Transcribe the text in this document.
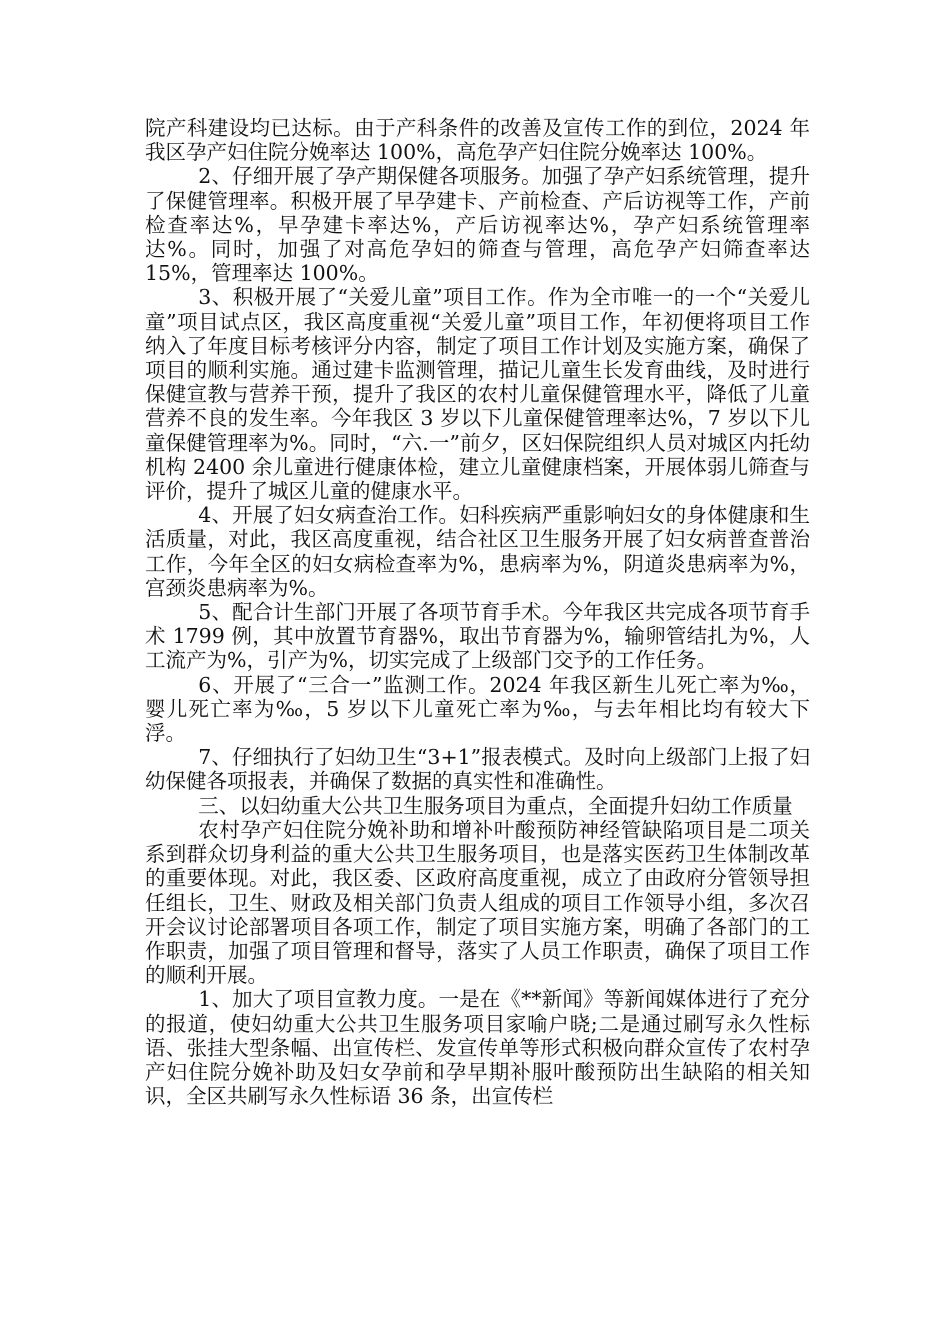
院产科建设均已达标。由于产科条件的改善及宣传工作的到位，2024 年我区孕产妇住院分娩率达 100%，高危孕产妇住院分娩率达 100%。

2、仔细开展了孕产期保健各项服务。加强了孕产妇系统管理，提升了保健管理率。积极开展了早孕建卡、产前检查、产后访视等工作，产前检查率达%，早孕建卡率达%，产后访视率达%，孕产妇系统管理率达%。同时，加强了对高危孕妇的筛查与管理，高危孕产妇筛查率达 15%，管理率达 100%。

3、积极开展了“关爱儿童”项目工作。作为全市唯一的一个“关爱儿童”项目试点区，我区高度重视“关爱儿童”项目工作，年初便将项目工作纳入了年度目标考核评分内容，制定了项目工作计划及实施方案，确保了项目的顺利实施。通过建卡监测管理，描记儿童生长发育曲线，及时进行保健宣教与营养干预，提升了我区的农村儿童保健管理水平，降低了儿童营养不良的发生率。今年我区 3 岁以下儿童保健管理率达%，7 岁以下儿童保健管理率为%。同时，“六.一”前夕，区妇保院组织人员对城区内托幼机构 2400 余儿童进行健康体检，建立儿童健康档案，开展体弱儿筛查与评价，提升了城区儿童的健康水平。

4、开展了妇女病查治工作。妇科疾病严重影响妇女的身体健康和生活质量，对此，我区高度重视，结合社区卫生服务开展了妇女病普查普治工作，今年全区的妇女病检查率为%，患病率为%，阴道炎患病率为%，宫颈炎患病率为%。

5、配合计生部门开展了各项节育手术。今年我区共完成各项节育手术 1799 例，其中放置节育器%，取出节育器为%，输卵管结扎为%，人工流产为%，引产为%，切实完成了上级部门交予的工作任务。

6、开展了“三合一”监测工作。2024 年我区新生儿死亡率为‰，婴儿死亡率为‰，5 岁以下儿童死亡率为‰，与去年相比均有较大下浮。

7、仔细执行了妇幼卫生“3+1”报表模式。及时向上级部门上报了妇幼保健各项报表，并确保了数据的真实性和准确性。

三、以妇幼重大公共卫生服务项目为重点，全面提升妇幼工作质量

农村孕产妇住院分娩补助和增补叶酸预防神经管缺陷项目是二项关系到群众切身利益的重大公共卫生服务项目，也是落实医药卫生体制改革的重要体现。对此，我区委、区政府高度重视，成立了由政府分管领导担任组长，卫生、财政及相关部门负责人组成的项目工作领导小组，多次召开会议讨论部署项目各项工作，制定了项目实施方案，明确了各部门的工作职责，加强了项目管理和督导，落实了人员工作职责，确保了项目工作的顺利开展。

1、加大了项目宣教力度。一是在《**新闻》等新闻媒体进行了充分的报道，使妇幼重大公共卫生服务项目家喻户晓;二是通过刷写永久性标语、张挂大型条幅、出宣传栏、发宣传单等形式积极向群众宣传了农村孕产妇住院分娩补助及妇女孕前和孕早期补服叶酸预防出生缺陷的相关知识，全区共刷写永久性标语 36 条，出宣传栏
